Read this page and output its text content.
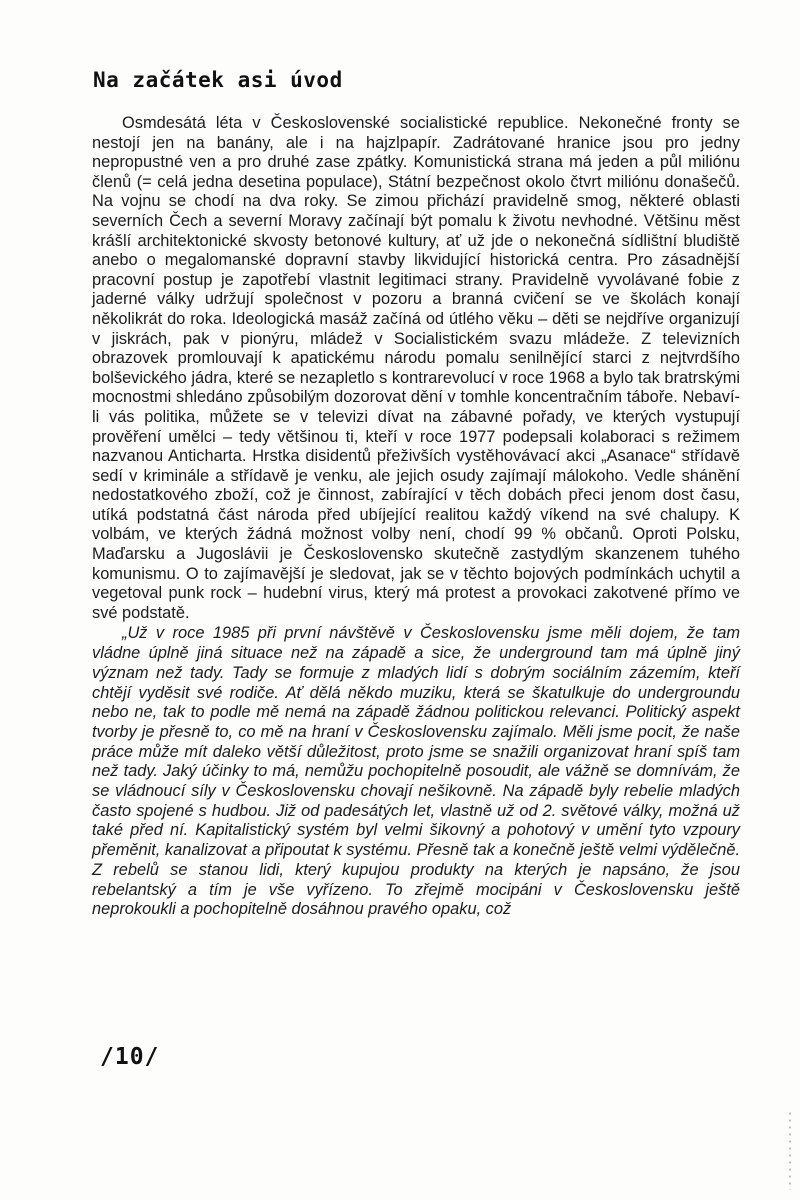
Na začátek asi úvod

Osmdesátá léta v Československé socialistické republice. Nekonečné fronty se nestojí jen na banány, ale i na hajzlpapír. Zadrátované hranice jsou pro jedny nepropustné ven a pro druhé zase zpátky. Komunistická strana má jeden a půl miliónu členů (= celá jedna desetina populace), Státní bezpečnost okolo čtvrt miliónu donašečů. Na vojnu se chodí na dva roky. Se zimou přichází pravidelně smog, některé oblasti severních Čech a severní Moravy začínají být pomalu k životu nevhodné. Většinu měst krášlí architektonické skvosty betonové kultury, ať už jde o nekonečná sídlištní bludiště anebo o megalomanské dopravní stavby likvidující historická centra. Pro zásadnější pracovní postup je zapotřebí vlastnit legitimaci strany. Pravidelně vyvolávané fobie z jaderné války udržují společnost v pozoru a branná cvičení se ve školách konají několikrát do roka. Ideologická masáž začíná od útlého věku – děti se nejdříve organizují v jiskrách, pak v pionýru, mládež v Socialistickém svazu mládeže. Z televizních obrazovek promlouvají k apatickému národu pomalu senilnějící starci z nejtvrdšího bolševického jádra, které se nezapletlo s kontrarevolucí v roce 1968 a bylo tak bratrskými mocnostmi shledáno způsobilým dozorovat dění v tomhle koncentračním táboře. Nebaví-li vás politika, můžete se v televizi dívat na zábavné pořady, ve kterých vystupují prověření umělci – tedy většinou ti, kteří v roce 1977 podepsali kolaboraci s režimem nazvanou Anticharta. Hrstka disidentů přeživších vystěhovávací akci „Asanace“ střídavě sedí v kriminále a střídavě je venku, ale jejich osudy zajímají málokoho. Vedle shánění nedostatkového zboží, což je činnost, zabírající v těch dobách přeci jenom dost času, utíká podstatná část národa před ubíjející realitou každý víkend na své chalupy. K volbám, ve kterých žádná možnost volby není, chodí 99 % občanů. Oproti Polsku, Maďarsku a Jugoslávii je Československo skutečně zastydlým skanzenem tuhého komunismu. O to zajímavější je sledovat, jak se v těchto bojových podmínkách uchytil a vegetoval punk rock – hudební virus, který má protest a provokaci zakotvené přímo ve své podstatě.

„Už v roce 1985 při první návštěvě v Československu jsme měli dojem, že tam vládne úplně jiná situace než na západě a sice, že underground tam má úplně jiný význam než tady. Tady se formuje z mladých lidí s dobrým sociálním zázemím, kteří chtějí vyděsit své rodiče. Ať dělá někdo muziku, která se škatulkuje do undergroundu nebo ne, tak to podle mě nemá na západě žádnou politickou relevanci. Politický aspekt tvorby je přesně to, co mě na hraní v Československu zajímalo. Měli jsme pocit, že naše práce může mít daleko větší důležitost, proto jsme se snažili organizovat hraní spíš tam než tady. Jaký účinky to má, nemůžu pochopitelně posoudit, ale vážně se domnívám, že se vládnoucí síly v Československu chovají nešikovně. Na západě byly rebelie mladých často spojené s hudbou. Již od padesátých let, vlastně už od 2. světové války, možná už také před ní. Kapitalistický systém byl velmi šikovný a pohotový v umění tyto vzpoury přeměnit, kanalizovat a připoutat k systému. Přesně tak a konečně ještě velmi výdělečně. Z rebelů se stanou lidi, který kupujou produkty na kterých je napsáno, že jsou rebelantský a tím je vše vyřízeno. To zřejmě mocipáni v Československu ještě neprokoukli a pochopitelně dosáhnou pravého opaku, což

/10/
